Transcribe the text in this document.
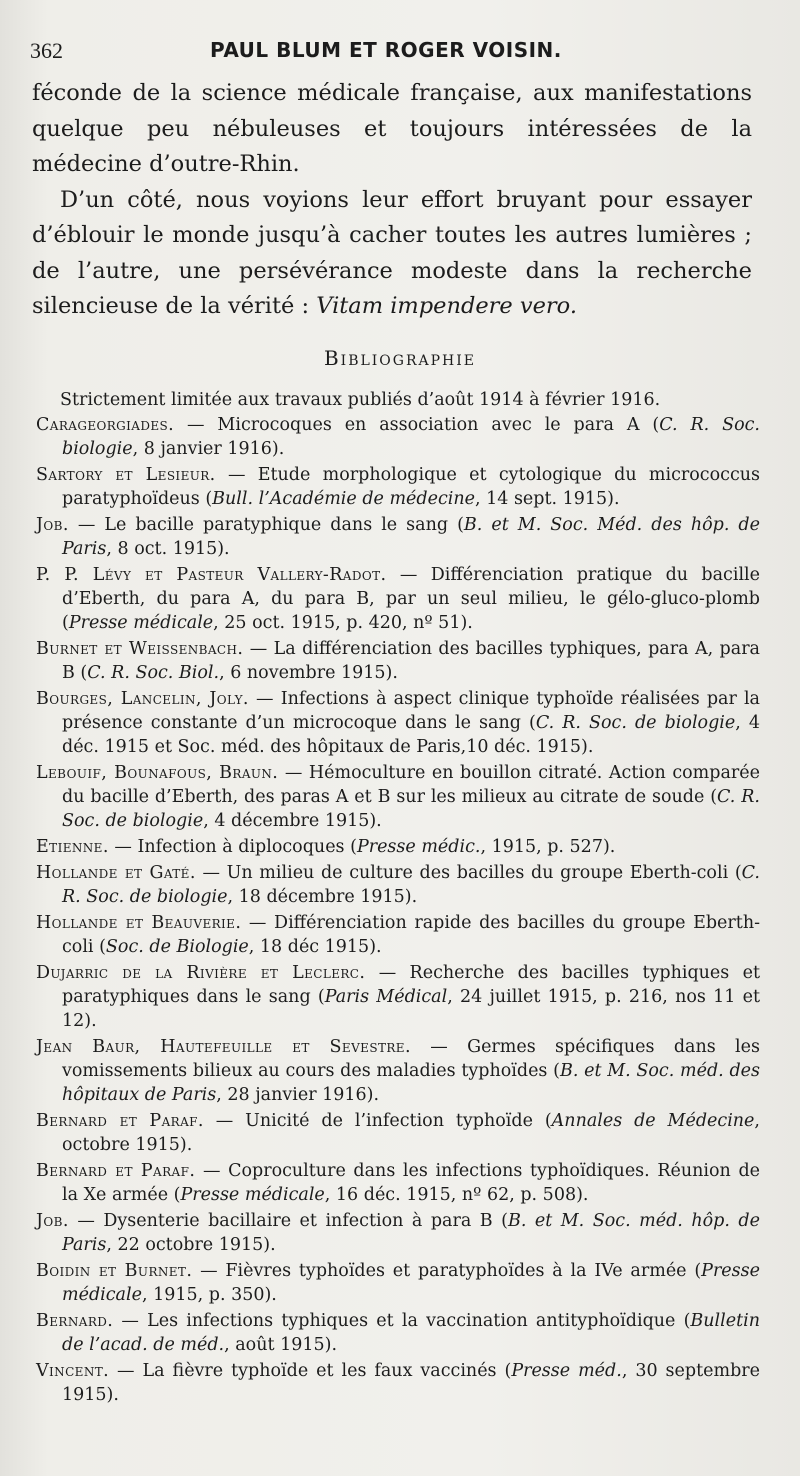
362	PAUL BLUM ET ROGER VOISIN.

féconde de la science médicale française, aux manifestations quelque peu nébuleuses et toujours intéressées de la médecine d’outre-Rhin.

D’un côté, nous voyions leur effort bruyant pour essayer d’éblouir le monde jusqu’à cacher toutes les autres lumières ; de l’autre, une persévérance modeste dans la recherche silencieuse de la vérité : Vitam impendere vero.

Bibliographie

Strictement limitée aux travaux publiés d’août 1914 à février 1916.

Carageorgiades. — Microcoques en association avec le para A (C. R. Soc. biologie, 8 janvier 1916).

Sartory et Lesieur. — Etude morphologique et cytologique du micrococcus paratyphoïdeus (Bull. l’Académie de médecine, 14 sept. 1915).

Job. — Le bacille paratyphique dans le sang (B. et M. Soc. Méd. des hôp. de Paris, 8 oct. 1915).

P. P. Lévy et Pasteur Vallery-Radot. — Différenciation pratique du bacille d’Eberth, du para A, du para B, par un seul milieu, le gélo-gluco-plomb (Presse médicale, 25 oct. 1915, p. 420, nº 51).

Burnet et Weissenbach. — La différenciation des bacilles typhiques, para A, para B (C. R. Soc. Biol., 6 novembre 1915).

Bourges, Lancelin, Joly. — Infections à aspect clinique typhoïde réalisées par la présence constante d’un microcoque dans le sang (C. R. Soc. de biologie, 4 déc. 1915 et Soc. méd. des hôpitaux de Paris,10 déc. 1915).

Lebouif, Bounafous, Braun. — Hémoculture en bouillon citraté. Action comparée du bacille d’Eberth, des paras A et B sur les milieux au citrate de soude (C. R. Soc. de biologie, 4 décembre 1915).

Etienne. — Infection à diplocoques (Presse médic., 1915, p. 527).

Hollande et Gaté. — Un milieu de culture des bacilles du groupe Eberth-coli (C. R. Soc. de biologie, 18 décembre 1915).

Hollande et Beauverie. — Différenciation rapide des bacilles du groupe Eberth-coli (Soc. de Biologie, 18 déc 1915).

Dujarric de la Rivière et Leclerc. — Recherche des bacilles typhiques et paratyphiques dans le sang (Paris Médical, 24 juillet 1915, p. 216, nos 11 et 12).

Jean Baur, Hautefeuille et Sevestre. — Germes spécifiques dans les vomissements bilieux au cours des maladies typhoïdes (B. et M. Soc. méd. des hôpitaux de Paris, 28 janvier 1916).

Bernard et Paraf. — Unicité de l’infection typhoïde (Annales de Médecine, octobre 1915).

Bernard et Paraf. — Coproculture dans les infections typhoïdiques. Réunion de la Xe armée (Presse médicale, 16 déc. 1915, nº 62, p. 508).

Job. — Dysenterie bacillaire et infection à para B (B. et M. Soc. méd. hôp. de Paris, 22 octobre 1915).

Boidin et Burnet. — Fièvres typhoïdes et paratyphoïdes à la IVe armée (Presse médicale, 1915, p. 350).

Bernard. — Les infections typhiques et la vaccination antityphoïdique (Bulletin de l’acad. de méd., août 1915).

Vincent. — La fièvre typhoïde et les faux vaccinés (Presse méd., 30 septembre 1915).
